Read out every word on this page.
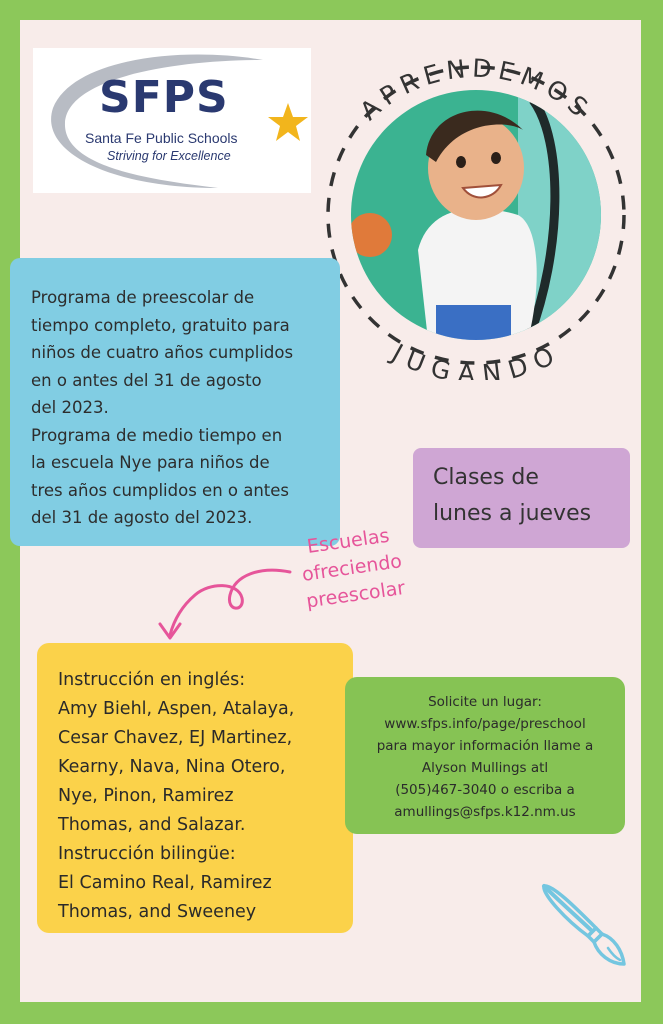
SFPS
Santa Fe Public Schools
Striving for Excellence
APRENDEMOS
JUGANDO
Programa de preescolar de
tiempo completo, gratuito para
niños de cuatro años cumplidos
en o antes del 31 de agosto
del 2023.
Programa de medio tiempo en
la escuela Nye para niños de
tres años cumplidos en o antes
del 31 de agosto del 2023.
Clases de
lunes a jueves
Escuelas
ofreciendo
preescolar
Instrucción en inglés:
Amy Biehl, Aspen, Atalaya,
Cesar Chavez, EJ Martinez,
Kearny, Nava, Nina Otero,
Nye, Pinon, Ramirez
Thomas, and Salazar.
Instrucción bilingüe:
El Camino Real, Ramirez
Thomas, and Sweeney
Solicite un lugar:
www.sfps.info/page/preschool
para mayor información llame a
Alyson Mullings atl
(505)467-3040 o escriba a
amullings@sfps.k12.nm.us
